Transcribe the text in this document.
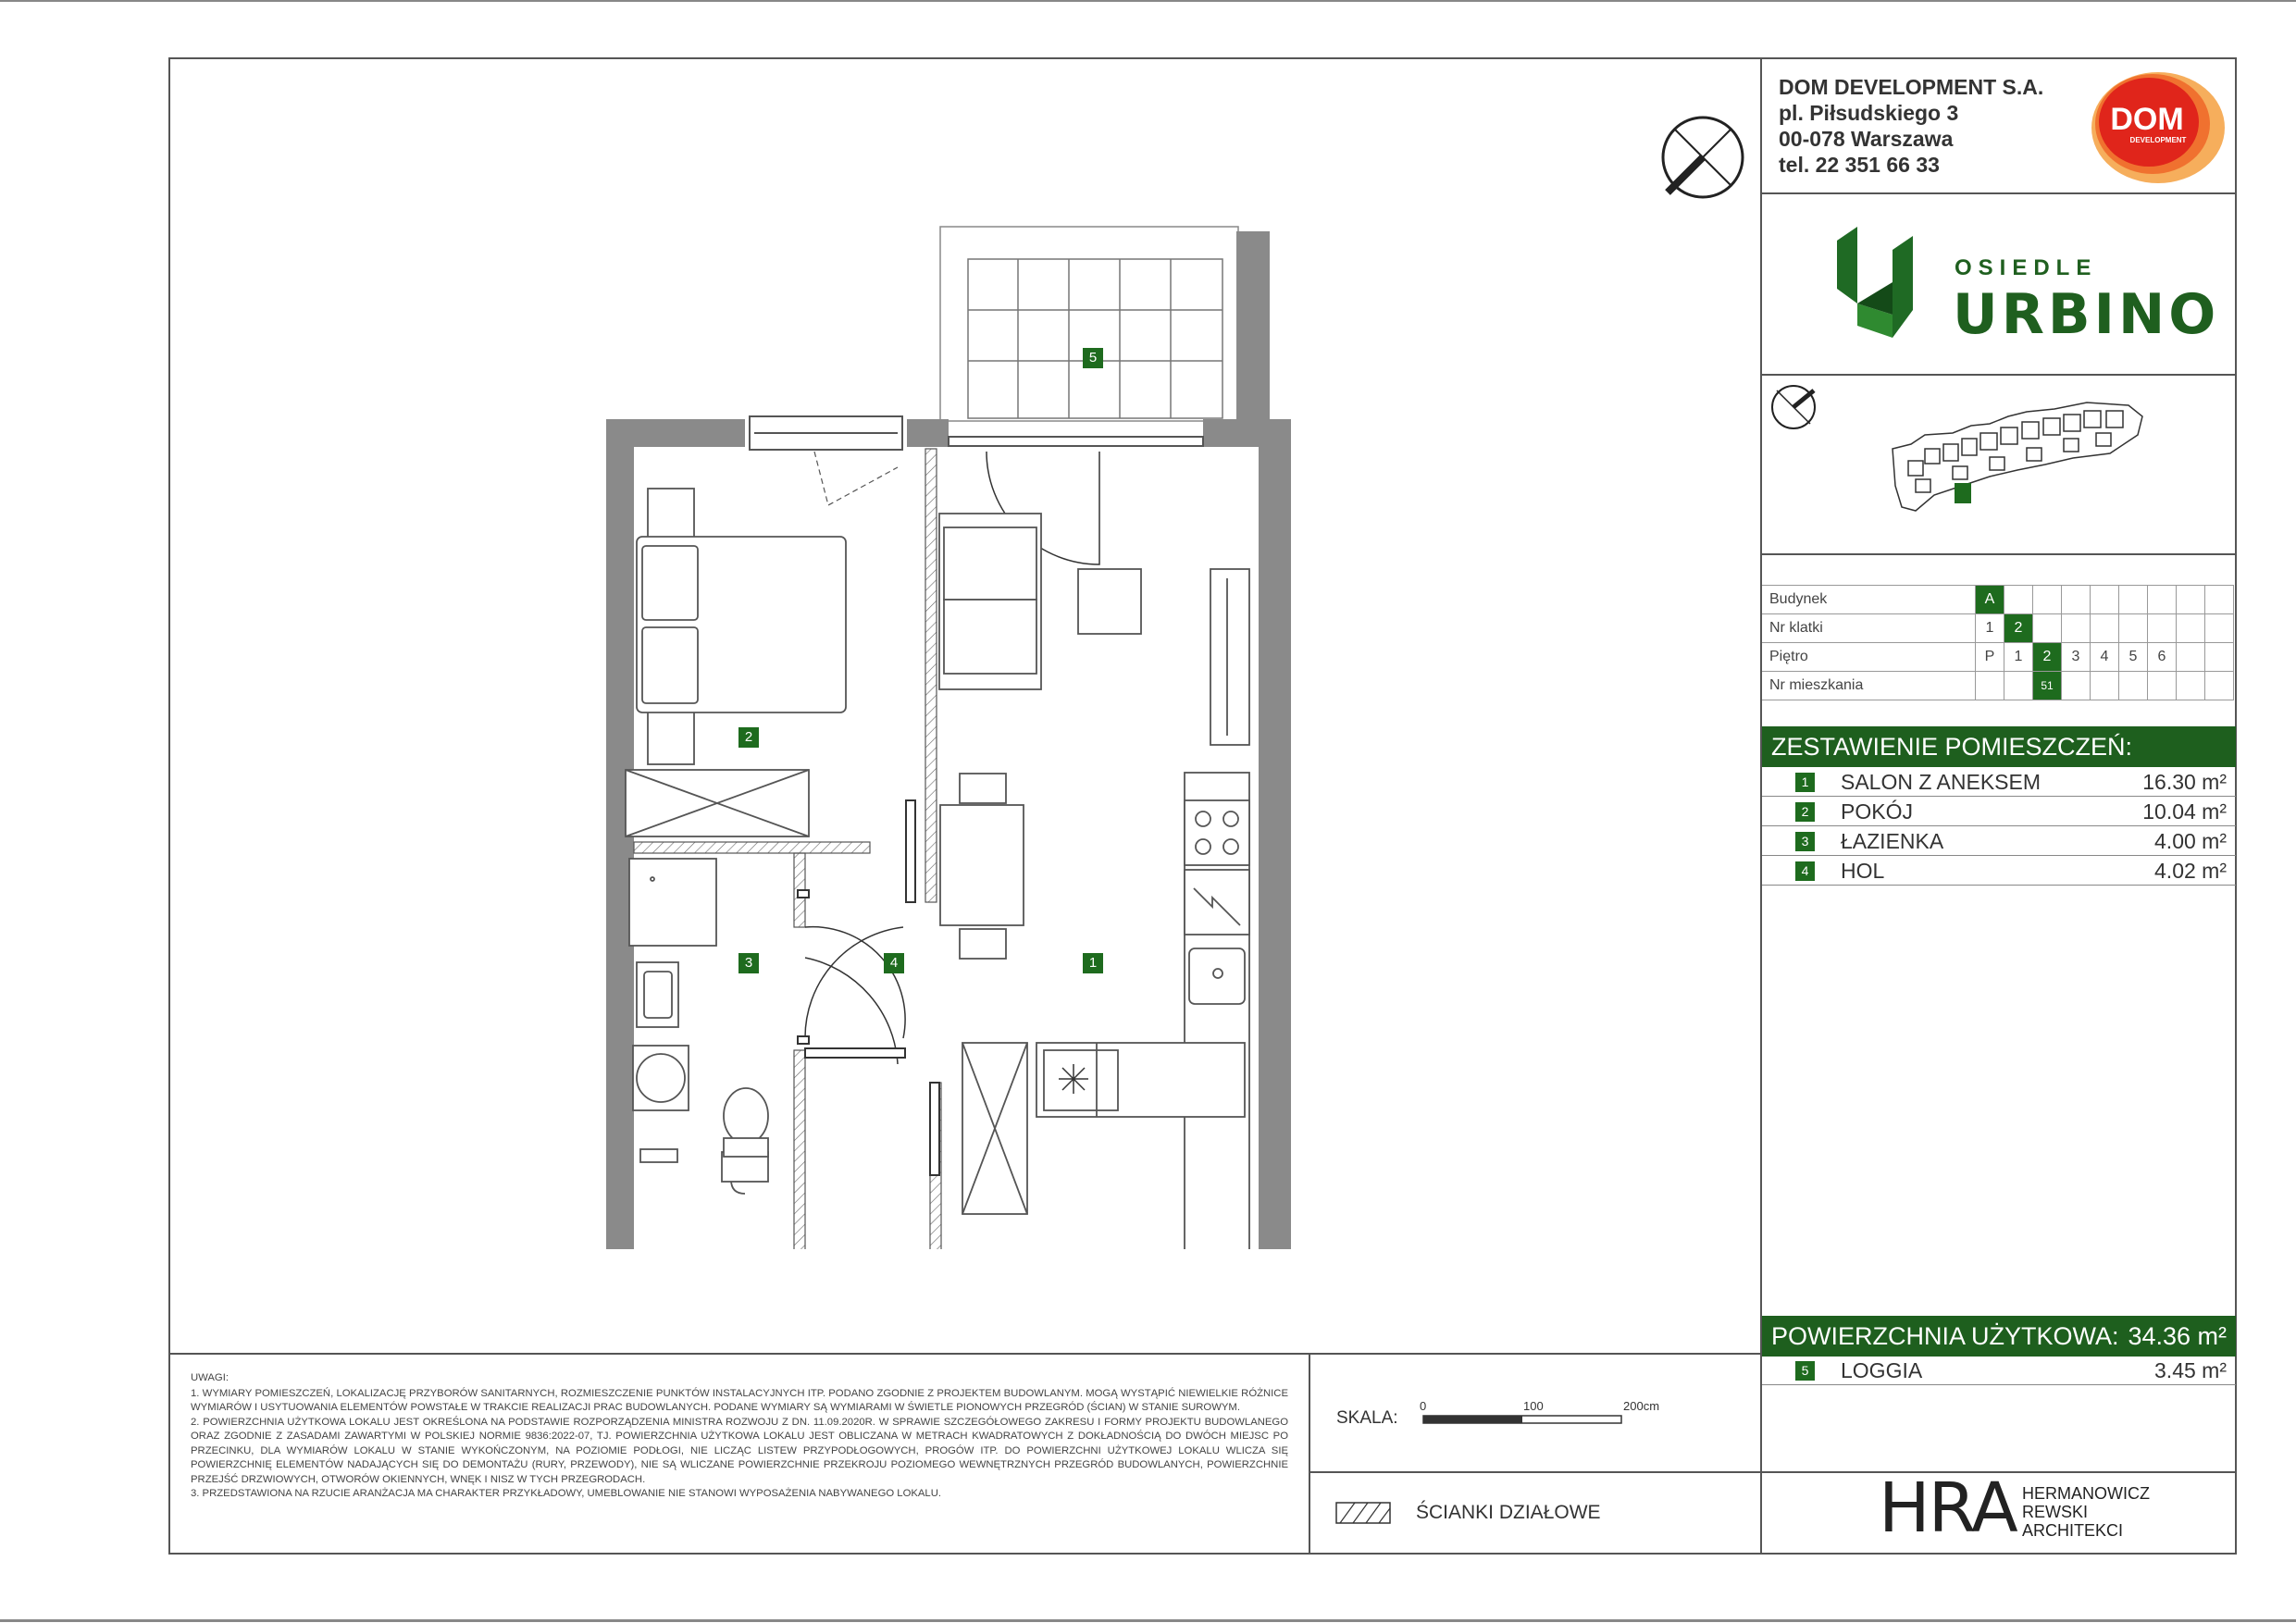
DOM DEVELOPMENT S.A.
pl. Piłsudskiego 3
00-078 Warszawa
tel. 22 351 66 33
DOM
DEVELOPMENT
OSIEDLE
URBINO
Budynek	A								
Nr klatki	1	2							
Piętro	P	1	2	3	4	5	6		
Nr mieszkania			51						
ZESTAWIENIE POMIESZCZEŃ:
1 SALON Z ANEKSEM	16.30 m²
2 POKÓJ	10.04 m²
3 ŁAZIENKA	4.00 m²
4 HOL	4.02 m²
POWIERZCHNIA UŻYTKOWA: 34.36 m²
5 LOGGIA	3.45 m²
UWAGI:
1. WYMIARY POMIESZCZEŃ, LOKALIZACJĘ PRZYBORÓW SANITARNYCH, ROZMIESZCZENIE PUNKTÓW INSTALACYJNYCH ITP. PODANO ZGODNIE Z PROJEKTEM BUDOWLANYM. MOGĄ WYSTĄPIĆ NIEWIELKIE RÓŻNICE WYMIARÓW I USYTUOWANIA ELEMENTÓW POWSTAŁE W TRAKCIE REALIZACJI PRAC BUDOWLANYCH. PODANE WYMIARY SĄ WYMIARAMI W ŚWIETLE PIONOWYCH PRZEGRÓD (ŚCIAN) W STANIE SUROWYM.
2. POWIERZCHNIA UŻYTKOWA LOKALU JEST OKREŚLONA NA PODSTAWIE ROZPORZĄDZENIA MINISTRA ROZWOJU Z DN. 11.09.2020R. W SPRAWIE SZCZEGÓŁOWEGO ZAKRESU I FORMY PROJEKTU BUDOWLANEGO ORAZ ZGODNIE Z ZASADAMI ZAWARTYMI W POLSKIEJ NORMIE 9836:2022-07, TJ. POWIERZCHNIA UŻYTKOWA LOKALU JEST OBLICZANA W METRACH KWADRATOWYCH Z DOKŁADNOŚCIĄ DO DWÓCH MIEJSC PO PRZECINKU, DLA WYMIARÓW LOKALU W STANIE WYKOŃCZONYM, NA POZIOMIE PODŁOGI, NIE LICZĄC LISTEW PRZYPODŁOGOWYCH, PROGÓW ITP. DO POWIERZCHNI UŻYTKOWEJ LOKALU WLICZA SIĘ POWIERZCHNIĘ ELEMENTÓW NADAJĄCYCH SIĘ DO DEMONTAŻU (RURY, PRZEWODY), NIE SĄ WLICZANE POWIERZCHNIE PRZEKROJU POZIOMEGO WEWNĘTRZNYCH PRZEGRÓD BUDOWLANYCH, POWIERZCHNIE PRZEJŚĆ DRZWIOWYCH, OTWORÓW OKIENNYCH, WNĘK I NISZ W TYCH PRZEGRODACH.
3. PRZEDSTAWIONA NA RZUCIE ARANŻACJA MA CHARAKTER PRZYKŁADOWY, UMEBLOWANIE NIE STANOWI WYPOSAŻENIA NABYWANEGO LOKALU.
SKALA:
0	100	200cm
ŚCIANKI DZIAŁOWE	HRA HERMANOWICZ
REWSKI
ARCHITEKCI
5
2
3	4	1
